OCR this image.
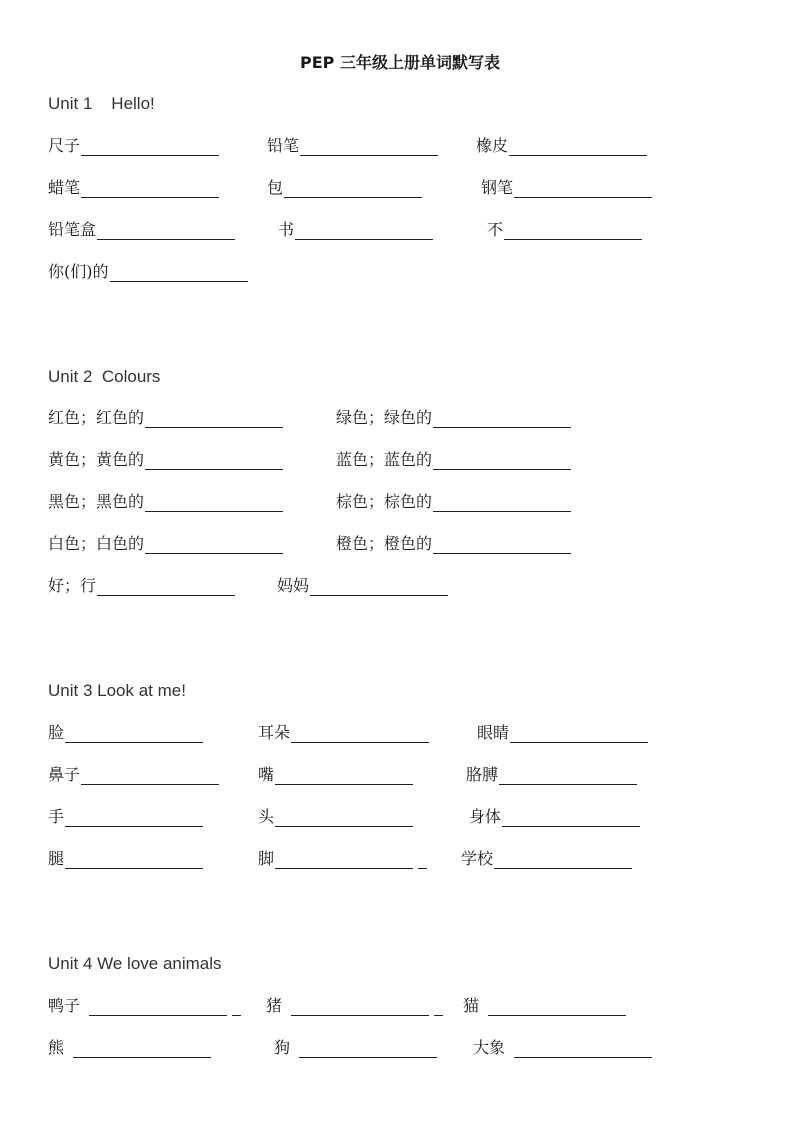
PEP 三年级上册单词默写表
Unit 1    Hello!
尺子	铅笔	橡皮
蜡笔	包	钢笔
铅笔盒	书	不
你(们)的
Unit 2  Colours
红色；红色的	绿色；绿色的
黄色；黄色的	蓝色；蓝色的
黑色；黑色的	棕色；棕色的
白色；白色的	橙色；橙色的
好；行	妈妈
Unit 3 Look at me!
脸	耳朵	眼睛
鼻子	嘴	胳膊
手	头	身体
腿	脚	学校
Unit 4 We love animals
鸭子	猪	猫
熊	狗	大象
